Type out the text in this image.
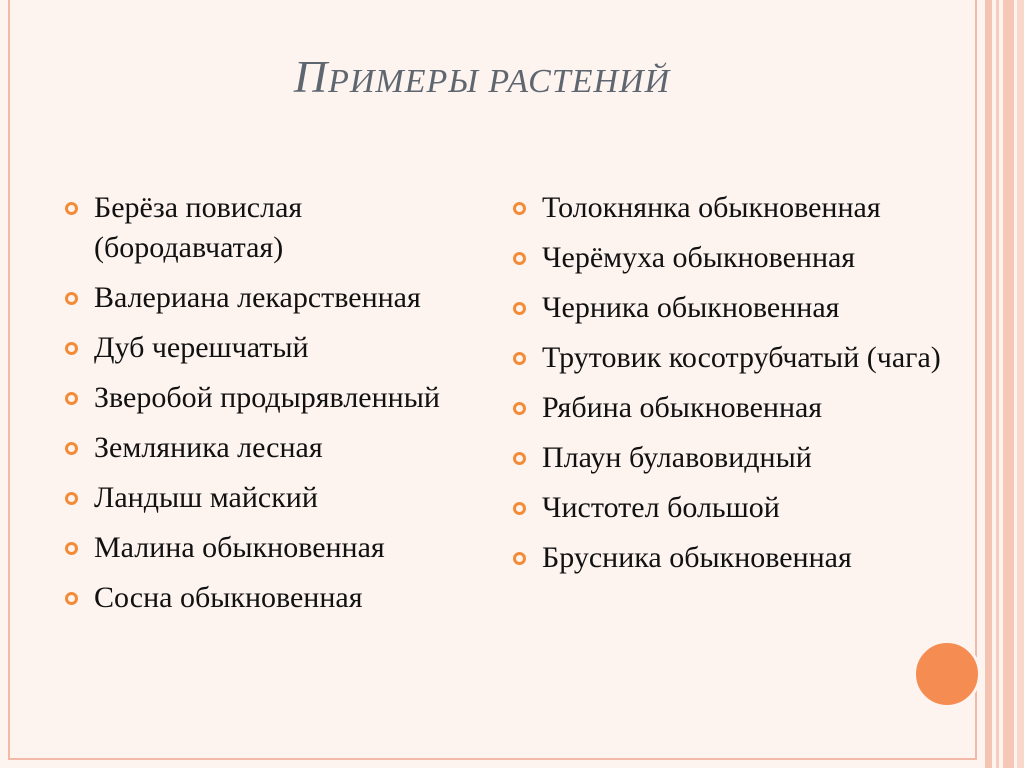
ПРИМЕРЫ РАСТЕНИЙ
Берёза повислая (бородавчатая)
Валериана лекарственная
Дуб черешчатый
Зверобой продырявленный
Земляника лесная
Ландыш майский
Малина обыкновенная
Сосна обыкновенная
Толокнянка обыкновенная
Черёмуха обыкновенная
Черника обыкновенная
Трутовик косотрубчатый (чага)
Рябина обыкновенная
Плаун булавовидный
Чистотел большой
Брусника обыкновенная
